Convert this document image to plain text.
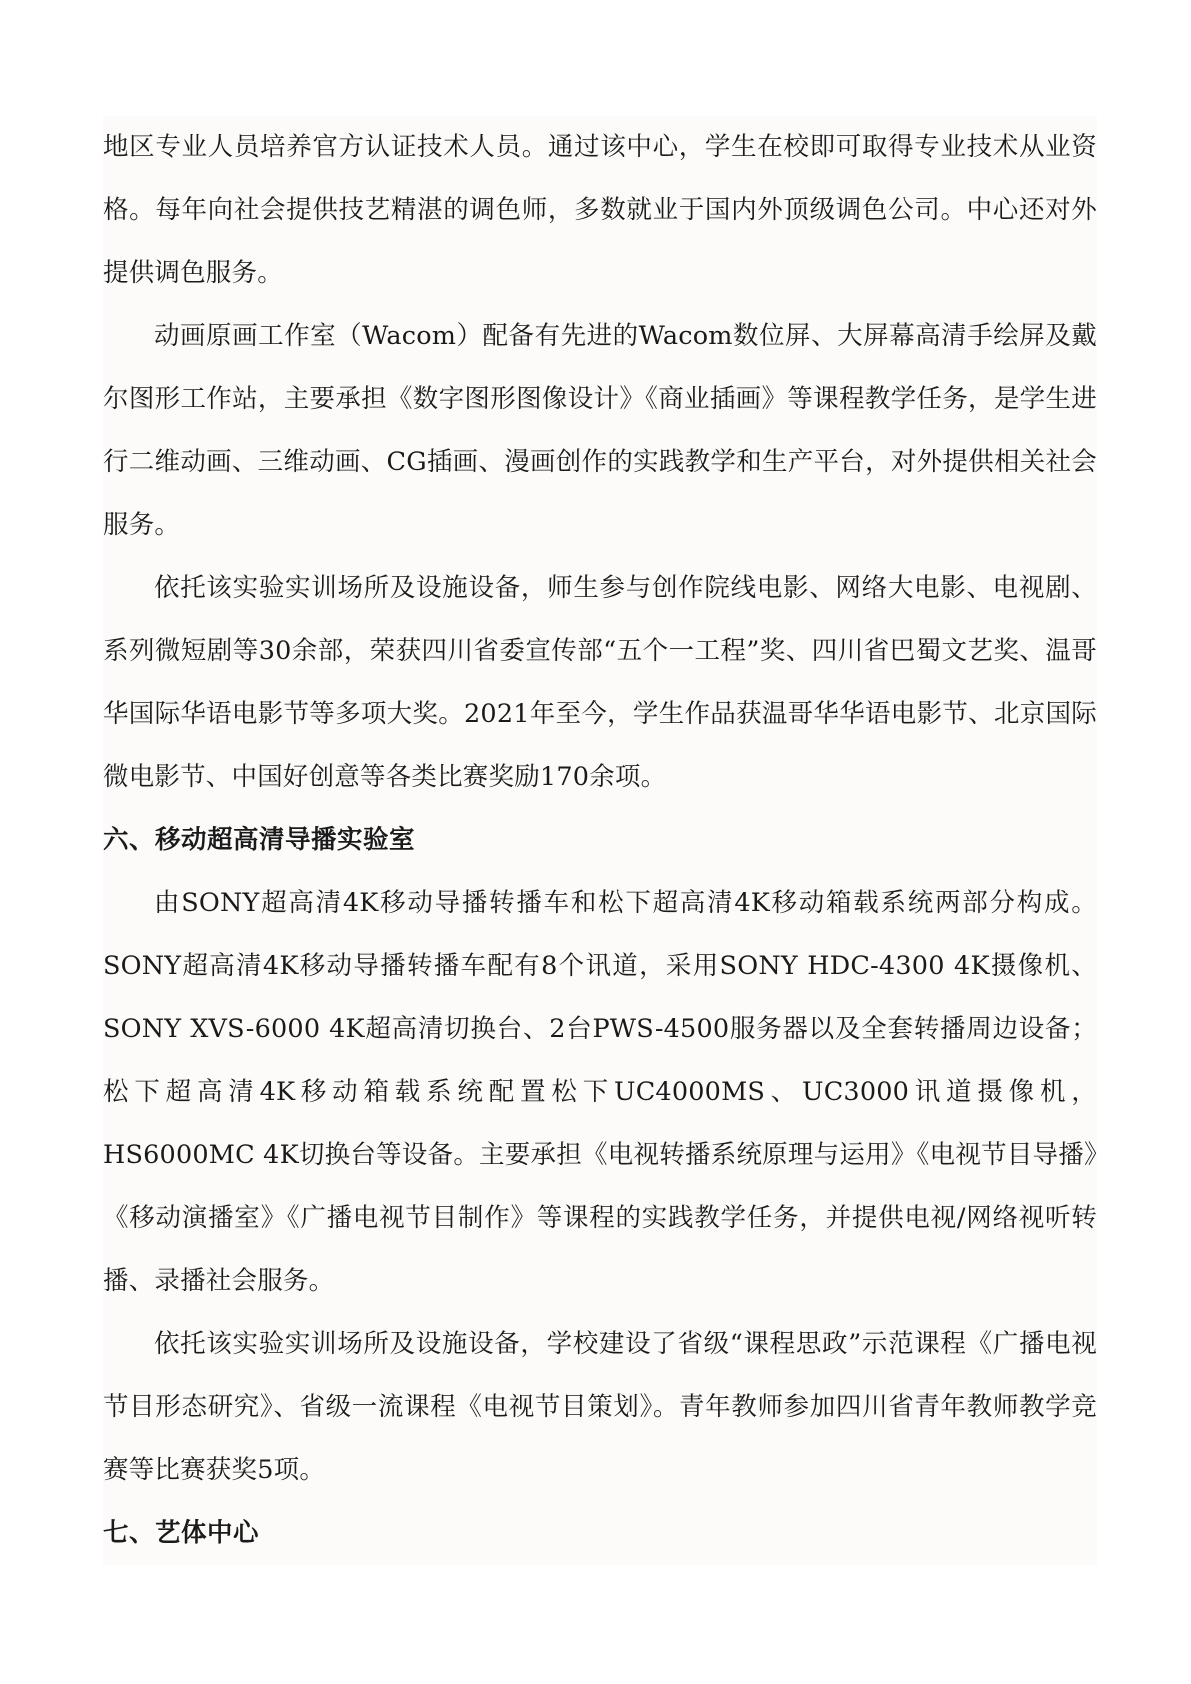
地区专业人员培养官方认证技术人员。通过该中心，学生在校即可取得专业技术从业资格。每年向社会提供技艺精湛的调色师，多数就业于国内外顶级调色公司。中心还对外提供调色服务。

动画原画工作室（Wacom）配备有先进的Wacom数位屏、大屏幕高清手绘屏及戴尔图形工作站，主要承担《数字图形图像设计》《商业插画》等课程教学任务，是学生进行二维动画、三维动画、CG插画、漫画创作的实践教学和生产平台，对外提供相关社会服务。

依托该实验实训场所及设施设备，师生参与创作院线电影、网络大电影、电视剧、系列微短剧等30余部，荣获四川省委宣传部“五个一工程”奖、四川省巴蜀文艺奖、温哥华国际华语电影节等多项大奖。2021年至今，学生作品获温哥华华语电影节、北京国际微电影节、中国好创意等各类比赛奖励170余项。

六、移动超高清导播实验室

由SONY超高清4K移动导播转播车和松下超高清4K移动箱载系统两部分构成。SONY超高清4K移动导播转播车配有8个讯道，采用SONY HDC-4300 4K摄像机、SONY XVS-6000 4K超高清切换台、2台PWS-4500服务器以及全套转播周边设备；松下超高清4K移动箱载系统配置松下UC4000MS、UC3000讯道摄像机，HS6000MC 4K切换台等设备。主要承担《电视转播系统原理与运用》《电视节目导播》《移动演播室》《广播电视节目制作》等课程的实践教学任务，并提供电视/网络视听转播、录播社会服务。

依托该实验实训场所及设施设备，学校建设了省级“课程思政”示范课程《广播电视节目形态研究》、省级一流课程《电视节目策划》。青年教师参加四川省青年教师教学竞赛等比赛获奖5项。

七、艺体中心
